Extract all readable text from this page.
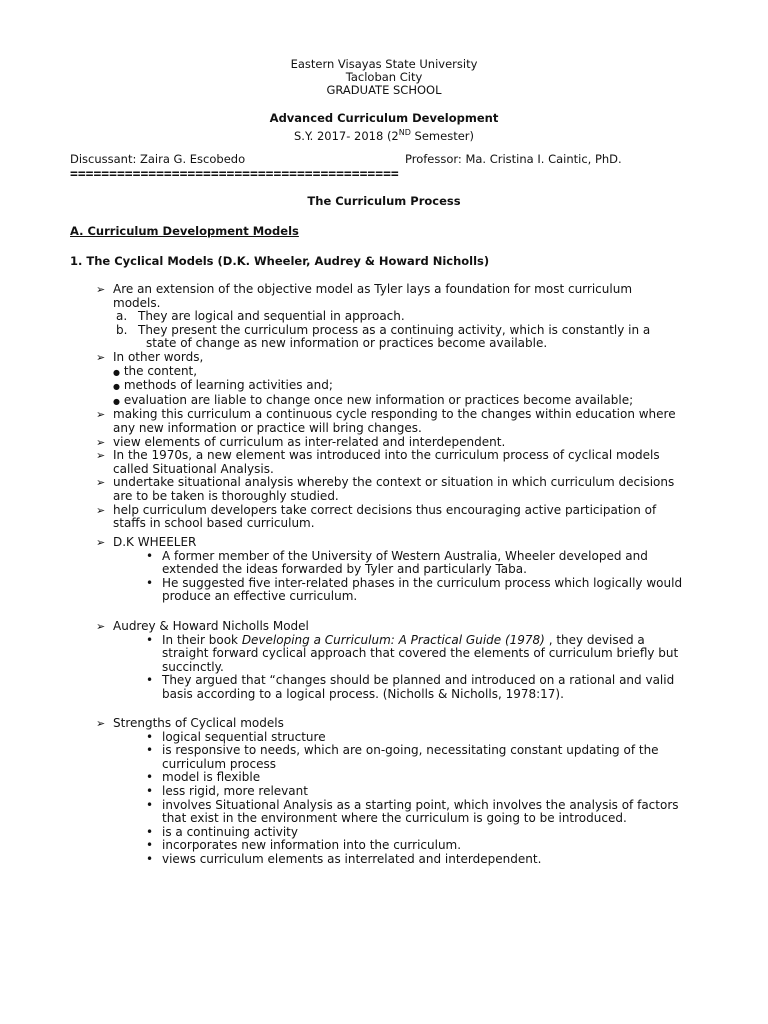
Eastern Visayas State University
Tacloban City
GRADUATE SCHOOL
Advanced Curriculum Development
S.Y. 2017- 2018 (2ND Semester)
Discussant: Zaira G. Escobedo	Professor: Ma. Cristina I. Caintic, PhD.
==========================================
The Curriculum Process
A. Curriculum Development Models
1. The Cyclical Models (D.K. Wheeler, Audrey & Howard Nicholls)
➢ Are an extension of the objective model as Tyler lays a foundation for most curriculum
models.
a. They are logical and sequential in approach.
b. They present the curriculum process as a continuing activity, which is constantly in a
state of change as new information or practices become available.
➢ In other words,
● the content,
● methods of learning activities and;
● evaluation are liable to change once new information or practices become available;
➢ making this curriculum a continuous cycle responding to the changes within education where
any new information or practice will bring changes.
➢ view elements of curriculum as inter-related and interdependent.
➢ In the 1970s, a new element was introduced into the curriculum process of cyclical models
called Situational Analysis.
➢ undertake situational analysis whereby the context or situation in which curriculum decisions
are to be taken is thoroughly studied.
➢ help curriculum developers take correct decisions thus encouraging active participation of
staffs in school based curriculum.
➢ D.K WHEELER
• A former member of the University of Western Australia, Wheeler developed and
extended the ideas forwarded by Tyler and particularly Taba.
• He suggested five inter-related phases in the curriculum process which logically would
produce an effective curriculum.
➢ Audrey & Howard Nicholls Model
• In their book Developing a Curriculum: A Practical Guide (1978) , they devised a
straight forward cyclical approach that covered the elements of curriculum briefly but
succinctly.
• They argued that “changes should be planned and introduced on a rational and valid
basis according to a logical process. (Nicholls & Nicholls, 1978:17).
➢ Strengths of Cyclical models
• logical sequential structure
• is responsive to needs, which are on-going, necessitating constant updating of the
curriculum process
• model is flexible
• less rigid, more relevant
• involves Situational Analysis as a starting point, which involves the analysis of factors
that exist in the environment where the curriculum is going to be introduced.
• is a continuing activity
• incorporates new information into the curriculum.
• views curriculum elements as interrelated and interdependent.
